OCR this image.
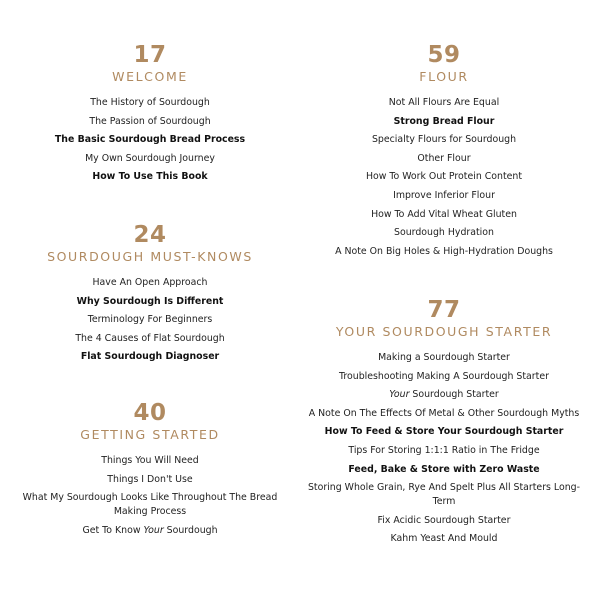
17
WELCOME
The History of Sourdough
The Passion of Sourdough
The Basic Sourdough Bread Process
My Own Sourdough Journey
How To Use This Book
24
SOURDOUGH MUST-KNOWS
Have An Open Approach
Why Sourdough Is Different
Terminology For Beginners
The 4 Causes of Flat Sourdough
Flat Sourdough Diagnoser
40
GETTING STARTED
Things You Will Need
Things I Don't Use
What My Sourdough Looks Like Throughout The Bread Making Process
Get To Know Your Sourdough
59
FLOUR
Not All Flours Are Equal
Strong Bread Flour
Specialty Flours for Sourdough
Other Flour
How To Work Out Protein Content
Improve Inferior Flour
How To Add Vital Wheat Gluten
Sourdough Hydration
A Note On Big Holes & High-Hydration Doughs
77
YOUR SOURDOUGH STARTER
Making a Sourdough Starter
Troubleshooting Making A Sourdough Starter
Your Sourdough Starter
A Note On The Effects Of Metal & Other Sourdough Myths
How To Feed & Store Your Sourdough Starter
Tips For Storing 1:1:1 Ratio in The Fridge
Feed, Bake & Store with Zero Waste
Storing Whole Grain, Rye And Spelt Plus All Starters Long-Term
Fix Acidic Sourdough Starter
Kahm Yeast And Mould
